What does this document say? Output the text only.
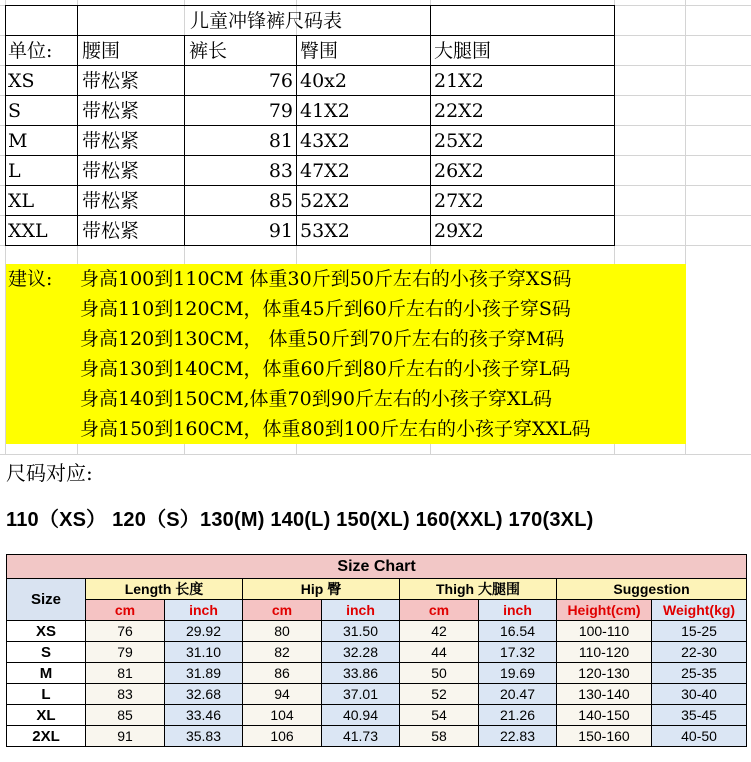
儿童冲锋裤尺码表
单位: 腰围	裤长	臀围	大腿围
XS 带松紧	76 40x2	21X2
S	带松紧	79 41X2	22X2
M	带松紧	81 43X2	25X2
L	带松紧	83 47X2	26X2
XL	带松紧	85 52X2	27X2
XXL 带松紧	91 53X2	29X2
建议: 身高100到110CM 体重30斤到50斤左右的小孩子穿XS码
身高110到120CM，体重45斤到60斤左右的小孩子穿S码
身高120到130CM， 体重50斤到70斤左右的孩子穿M码
身高130到140CM，体重60斤到80斤左右的小孩子穿L码
身高140到150CM,体重70到90斤左右的小孩子穿XL码
身高150到160CM，体重80到100斤左右的小孩子穿XXL码
尺码对应:
110（XS） 120（S）130(M) 140(L) 150(XL) 160(XXL) 170(3XL)
Size Chart								
Size	Length 长度		Hip 臀		Thigh 大腿围		Suggestion	
	cm	inch	cm	inch	cm	inch	Height(cm)	Weight(kg)
XS	76	29.92	80	31.50	42	16.54	100-110	15-25
S	79	31.10	82	32.28	44	17.32	110-120	22-30
M	81	31.89	86	33.86	50	19.69	120-130	25-35
L	83	32.68	94	37.01	52	20.47	130-140	30-40
XL	85	33.46	104	40.94	54	21.26	140-150	35-45
2XL	91	35.83	106	41.73	58	22.83	150-160	40-50
